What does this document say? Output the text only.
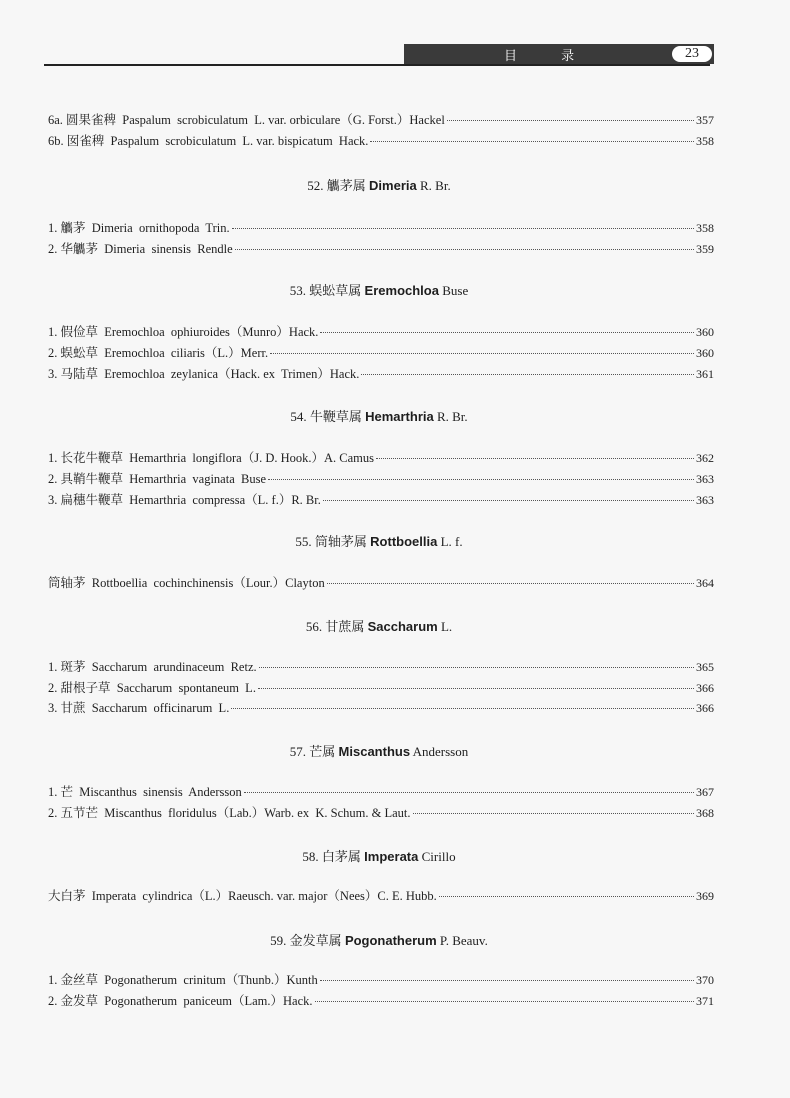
目 录	23
6a. 圆果雀稗  Paspalum  scrobiculatum  L. var. orbiculare（G. Forst.）Hackel	357
6b. 囡雀稗  Paspalum  scrobiculatum  L. var. bispicatum  Hack.	358
52. 觿茅属 Dimeria R. Br.
1. 觿茅  Dimeria  ornithopoda  Trin.	358
2. 华觿茅  Dimeria  sinensis  Rendle	359
53. 蜈蚣草属 Eremochloa Buse
1. 假俭草  Eremochloa  ophiuroides（Munro）Hack.	360
2. 蜈蚣草  Eremochloa  ciliaris（L.）Merr.	360
3. 马陆草  Eremochloa  zeylanica（Hack. ex  Trimen）Hack.	361
54. 牛鞭草属 Hemarthria R. Br.
1. 长花牛鞭草  Hemarthria  longiflora（J. D. Hook.）A. Camus	362
2. 具鞘牛鞭草  Hemarthria  vaginata  Buse	363
3. 扁穗牛鞭草  Hemarthria  compressa（L. f.）R. Br.	363
55. 筒轴茅属 Rottboellia L. f.
筒轴茅  Rottboellia  cochinchinensis（Lour.）Clayton	364
56. 甘蔗属 Saccharum L.
1. 斑茅  Saccharum  arundinaceum  Retz.	365
2. 甜根子草  Saccharum  spontaneum  L.	366
3. 甘蔗  Saccharum  officinarum  L.	366
57. 芒属 Miscanthus Andersson
1. 芒  Miscanthus  sinensis  Andersson	367
2. 五节芒  Miscanthus  floridulus（Lab.）Warb. ex  K. Schum. & Laut.	368
58. 白茅属 Imperata Cirillo
大白茅  Imperata  cylindrica（L.）Raeusch. var. major（Nees）C. E. Hubb.	369
59. 金发草属 Pogonatherum P. Beauv.
1. 金丝草  Pogonatherum  crinitum（Thunb.）Kunth	370
2. 金发草  Pogonatherum  paniceum（Lam.）Hack.	371
